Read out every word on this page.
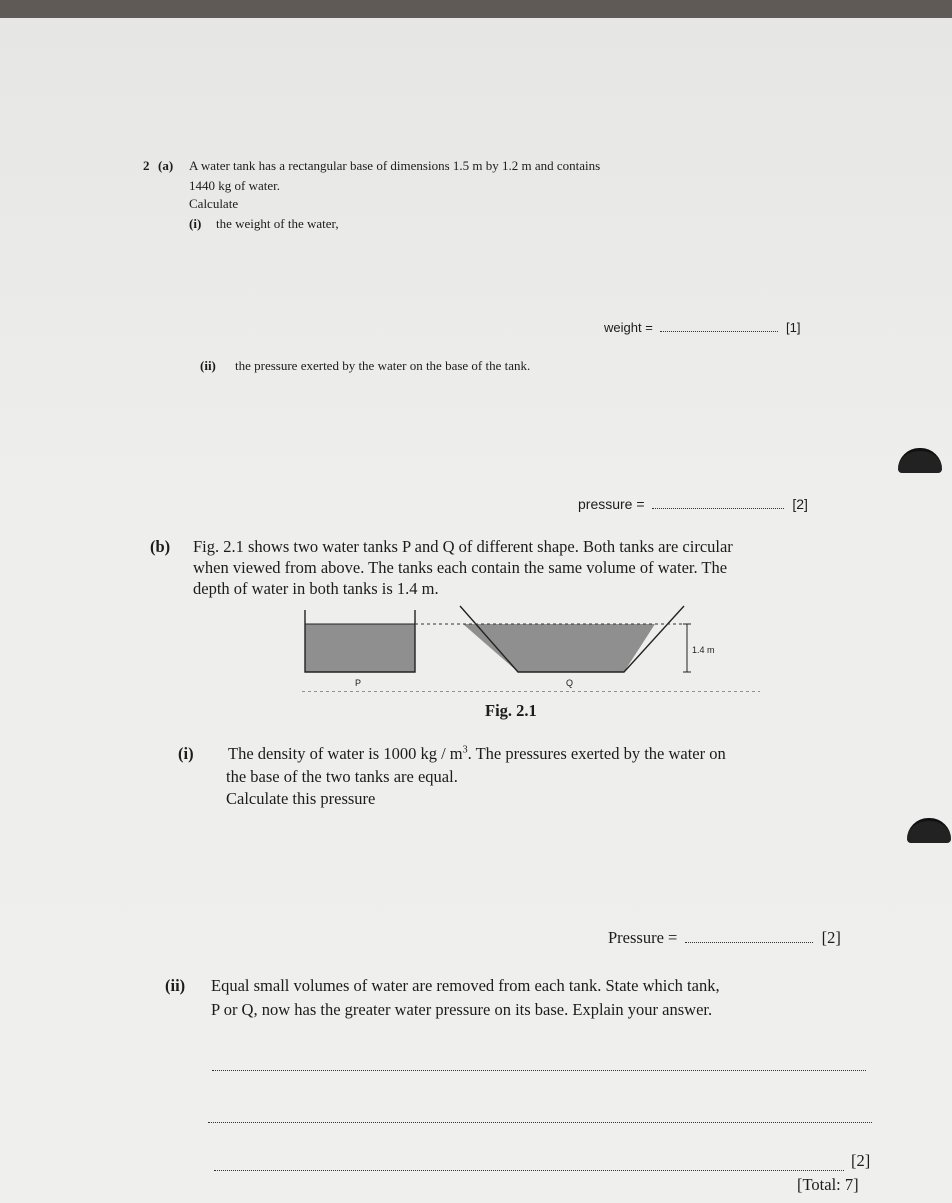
2 (a) A water tank has a rectangular base of dimensions 1.5 m by 1.2 m and contains
1440 kg of water.
Calculate
(i) the weight of the water,
weight =	[1]
(ii) the pressure exerted by the water on the base of the tank.
pressure =	[2]
(b) Fig. 2.1 shows two water tanks P and Q of different shape. Both tanks are circular
when viewed from above. The tanks each contain the same volume of water. The
depth of water in both tanks is 1.4 m.
1.4 m
P	Q
Fig. 2.1
(i) The density of water is 1000 kg / $m^3$. The pressures exerted by the water on
the base of the two tanks are equal.
Calculate this pressure
Pressure =	[2]
(ii) Equal small volumes of water are removed from each tank. State which tank,
P or Q, now has the greater water pressure on its base. Explain your answer.
[2]
[Total: 7]
